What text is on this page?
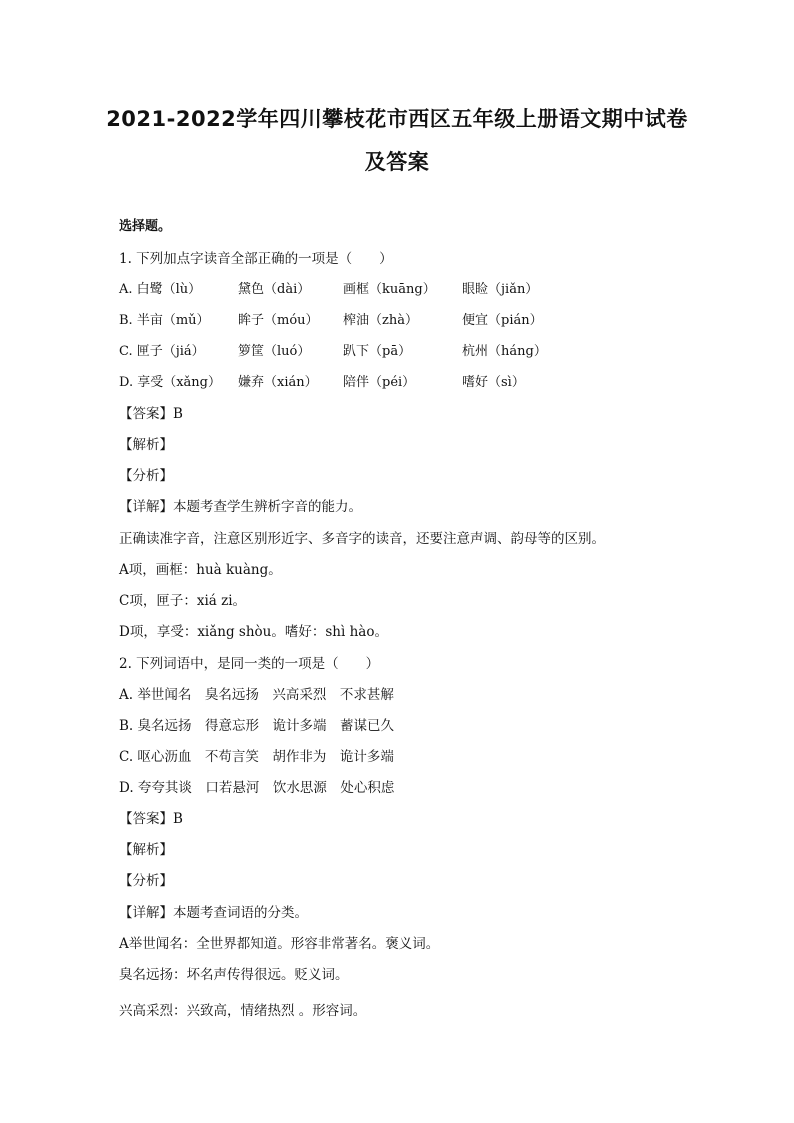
2021-2022学年四川攀枝花市西区五年级上册语文期中试卷
及答案
选择题。
1. 下列加点字读音全部正确的一项是（　　）
A. 白鹭（lù）	黛色（dài）	画框（kuāng） 眼睑（jiǎn）
B. 半亩（mǔ） 眸子（móu） 榨油（zhà）	便宜（pián）
C. 匣子（jiá）	箩筐（luó）	趴下（pā）	杭州（háng）
D. 享受（xǎng） 嫌弃（xián） 陪伴（péi）	嗜好（sì）
【答案】B
【解析】
【分析】
【详解】本题考查学生辨析字音的能力。
正确读准字音，注意区别形近字、多音字的读音，还要注意声调、韵母等的区别。
A项，画框：huà kuàng。
C项，匣子：xiá zi。
D项，享受：xiǎng shòu。嗜好：shì hào。
2. 下列词语中，是同一类的一项是（　　）
A. 举世闻名　臭名远扬　兴高采烈　不求甚解
B. 臭名远扬　得意忘形　诡计多端　蓄谋已久
C. 呕心沥血　不苟言笑　胡作非为　诡计多端
D. 夸夸其谈　口若悬河　饮水思源　处心积虑
【答案】B
【解析】
【分析】
【详解】本题考查词语的分类。
A举世闻名：全世界都知道。形容非常著名。褒义词。
臭名远扬：坏名声传得很远。贬义词。
兴高采烈：兴致高，情绪热烈 。形容词。
